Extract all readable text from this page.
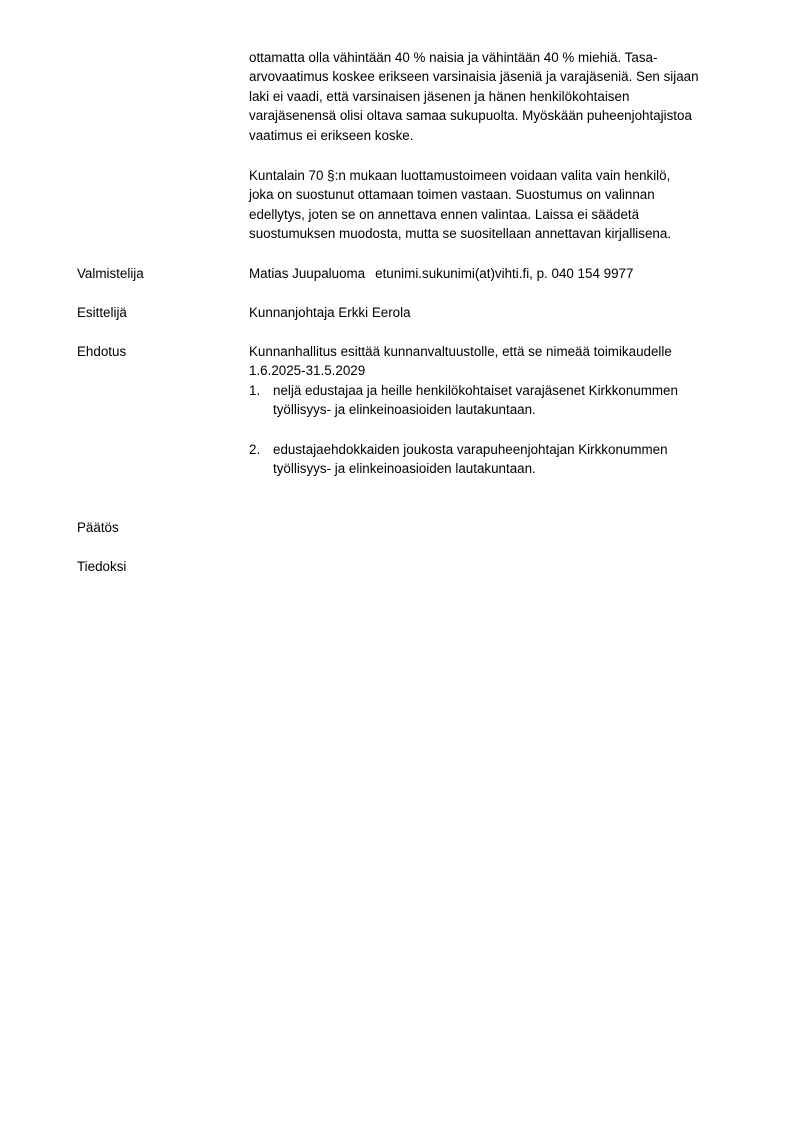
ottamatta olla vähintään 40 % naisia ja vähintään 40 % miehiä. Tasa-

arvovaatimus koskee erikseen varsinaisia jäseniä ja varajäseniä. Sen sijaan

laki ei vaadi, että varsinaisen jäsenen ja hänen henkilökohtaisen

varajäsenensä olisi oltava samaa sukupuolta. Myöskään puheenjohtajistoa

vaatimus ei erikseen koske.

Kuntalain 70 §:n mukaan luottamustoimeen voidaan valita vain henkilö,

joka on suostunut ottamaan toimen vastaan. Suostumus on valinnan

edellytys, joten se on annettava ennen valintaa. Laissa ei säädetä

suostumuksen muodosta, mutta se suositellaan annettavan kirjallisena.

Valmistelija	Matias Juupaluoma etunimi.sukunimi(at)vihti.fi, p. 040 154 9977
Esittelijä	Kunnanjohtaja Erkki Eerola
Ehdotus	Kunnanhallitus esittää kunnanvaltuustolle, että se nimeää toimikaudelle

1.6.2025-31.5.2029

1. neljä edustajaa ja heille henkilökohtaiset varajäsenet Kirkkonummen

työllisyys- ja elinkeinoasioiden lautakuntaan.

2. edustajaehdokkaiden joukosta varapuheenjohtajan Kirkkonummen

työllisyys- ja elinkeinoasioiden lautakuntaan.

Päätös
Tiedoksi
